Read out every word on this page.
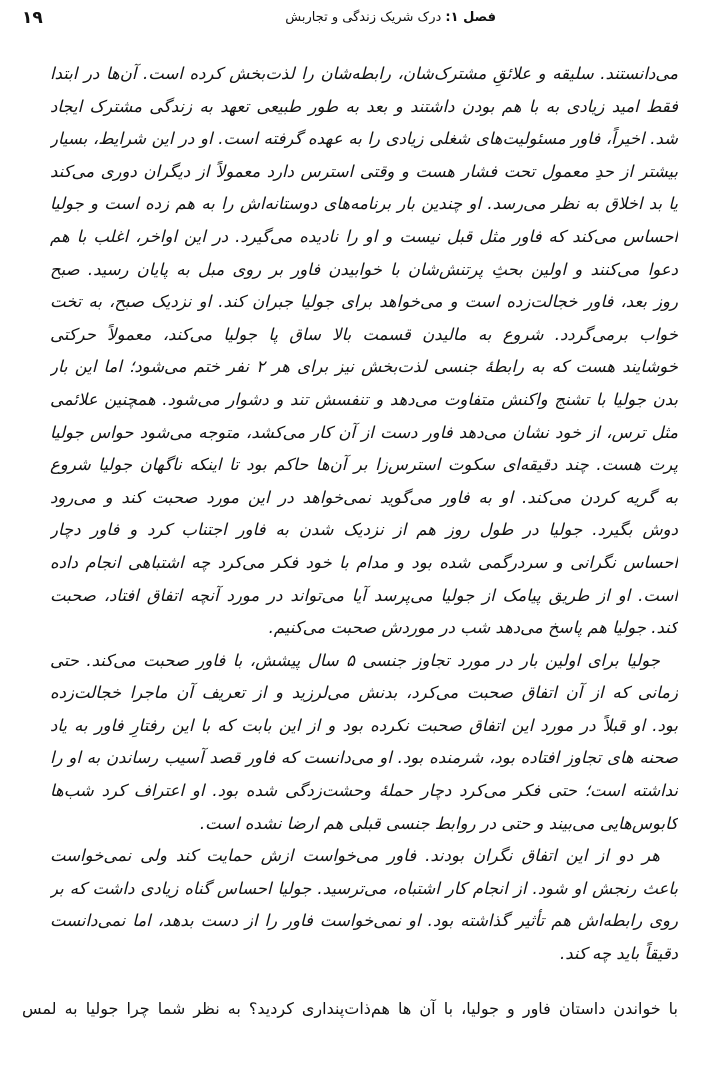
۱۹	فصل ۱: درک شریک زندگی و تجاربش
می‌دانستند. سلیقه و علائقِ مشترک‌شان، رابطه‌شان را لذت‌بخش کرده است. آن‌ها در ابتدا
فقط امید زیادی به با هم بودن داشتند و بعد به طور طبیعی تعهد به زندگی مشترک ایجاد
شد. اخیراً، فاور مسئولیت‌های شغلی زیادی را به عهده گرفته است. او در این شرایط، بسیار
بیشتر از حدِ معمول تحت فشار هست و وقتی استرس دارد معمولاً از دیگران دوری می‌کند
یا بد اخلاق به نظر می‌رسد. او چندین بار برنامه‌های دوستانه‌اش را به هم زده است و جولیا
احساس می‌کند که فاور مثل قبل نیست و او را نادیده می‌گیرد. در این اواخر، اغلب با هم
دعوا می‌کنند و اولین بحثِ پرتنش‌شان با خوابیدن فاور بر روی مبل به پایان رسید. صبح
روز بعد، فاور خجالت‌زده است و می‌خواهد برای جولیا جبران کند. او نزدیک صبح، به تخت
خواب برمی‌گردد. شروع به مالیدن قسمت بالا ساق پا جولیا می‌کند، معمولاً حرکتی
خوشایند هست که به رابطهٔ جنسی لذت‌بخش نیز برای هر ۲ نفر ختم می‌شود؛ اما این بار
بدن جولیا با تشنج واکنش متفاوت می‌دهد و تنفسش تند و دشوار می‌شود. همچنین علائمی
مثل ترس، از خود نشان می‌دهد فاور دست از آن کار می‌کشد، متوجه می‌شود حواس جولیا
پرت هست. چند دقیقه‌ای سکوت استرس‌زا بر آن‌ها حاکم بود تا اینکه ناگهان جولیا شروع
به گریه کردن می‌کند. او به فاور می‌گوید نمی‌خواهد در این مورد صحبت کند و می‌رود
دوش بگیرد. جولیا در طول روز هم از نزدیک شدن به فاور اجتناب کرد و فاور دچار
احساس نگرانی و سردرگمی شده بود و مدام با خود فکر می‌کرد چه اشتباهی انجام داده
است. او از طریق پیامک از جولیا می‌پرسد آیا می‌تواند در مورد آنچه اتفاق افتاد، صحبت
کند. جولیا هم پاسخ می‌دهد شب در موردش صحبت می‌کنیم.
جولیا برای اولین بار در مورد تجاوز جنسی ۵ سال پیشش، با فاور صحبت می‌کند. حتی
زمانی که از آن اتفاق صحبت می‌کرد، بدنش می‌لرزید و از تعریف آن ماجرا خجالت‌زده
بود. او قبلاً در مورد این اتفاق صحبت نکرده بود و از این بابت که با این رفتارِ فاور به یاد
صحنه های تجاوز افتاده بود، شرمنده بود. او می‌دانست که فاور قصد آسیب رساندن به او را
نداشته است؛ حتی فکر می‌کرد دچار حملهٔ وحشت‌زدگی شده بود. او اعتراف کرد شب‌ها
کابوس‌هایی می‌بیند و حتی در روابط جنسی قبلی هم ارضا نشده است.
هر دو از این اتفاق نگران بودند. فاور می‌خواست ازش حمایت کند ولی نمی‌خواست
باعث رنجش او شود. از انجام کار اشتباه، می‌ترسید. جولیا احساس گناه زیادی داشت که بر
روی رابطه‌اش هم تأثیر گذاشته بود. او نمی‌خواست فاور را از دست بدهد، اما نمی‌دانست
دقیقاً باید چه کند.
با خواندن داستان فاور و جولیا، با آن ها هم‌ذات‌پنداری کردید؟ به نظر شما چرا جولیا به لمس
